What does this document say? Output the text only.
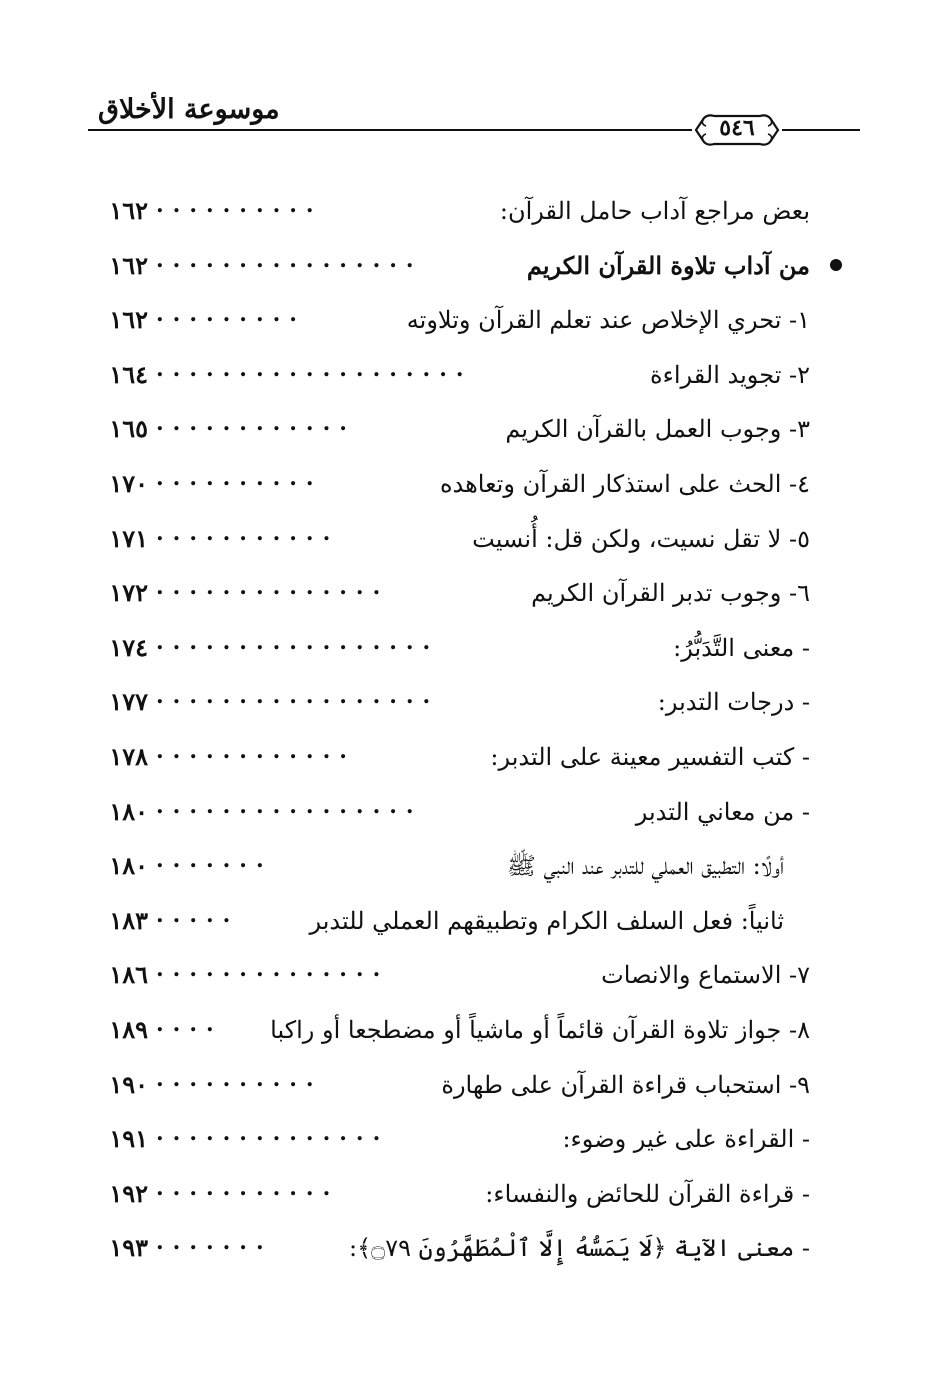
موسوعة الأخلاق
٥٤٦
بعض مراجع آداب حامل القرآن:
..........
١٦٢
من آداب تلاوة القرآن الكريم
................
١٦٢
١- تحري الإخلاص عند تعلم القرآن وتلاوته
.........
١٦٢
٢- تجويد القراءة
...................
١٦٤
٣- وجوب العمل بالقرآن الكريم
............
١٦٥
٤- الحث على استذكار القرآن وتعاهده
..........
١٧٠
٥- لا تقل نسيت، ولكن قل: أُنسيت
...........
١٧١
٦- وجوب تدبر القرآن الكريم
..............
١٧٢
- معنى التَّدَبُّرُ:
.................
١٧٤
- درجات التدبر:
.................
١٧٧
- كتب التفسير معينة على التدبر:
............
١٧٨
- من معاني التدبر
................
١٨٠
أولًا: التطبيق العملي للتدبر عند النبي ﷺ
.......
١٨٠
ثانياً: فعل السلف الكرام وتطبيقهم العملي للتدبر
.....
١٨٣
٧- الاستماع والانصات
..............
١٨٦
٨- جواز تلاوة القرآن قائماً أو ماشياً أو مضطجعا أو راكبا
....
١٨٩
٩- استحباب قراءة القرآن على طهارة
..........
١٩٠
- القراءة على غير وضوء:
..............
١٩١
- قراءة القرآن للحائض والنفساء:
...........
١٩٢
- معنى الآية ﴿لَا يَمَسُّهُ إِلَّا ٱلْمُطَهَّرُونَ ۝٧٩﴾:
.......
١٩٣
